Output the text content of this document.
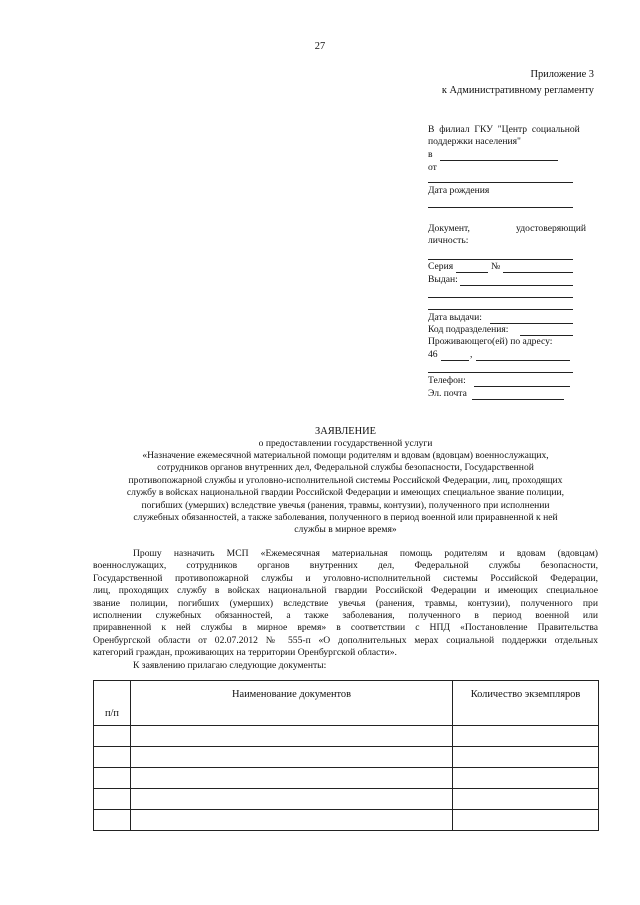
27
Приложение 3
к Административному регламенту
В  филиал  ГКУ  "Центр  социальной
поддержки населения"
в
от
Дата рождения
Документ,	удостоверяющий
личность:
Серия	№
Выдан:
Дата выдачи:
Код подразделения:
Проживающего(ей) по адресу:
46	,
Телефон:
Эл. почта
ЗАЯВЛЕНИЕ
о предоставлении государственной услуги
«Назначение ежемесячной материальной помощи родителям и вдовам (вдовцам) военнослужащих,
сотрудников органов внутренних дел, Федеральной службы безопасности, Государственной
противопожарной службы и уголовно-исполнительной системы Российской Федерации, лиц, проходящих
службу в войсках национальной гвардии Российской Федерации и имеющих специальное звание полиции,
погибших (умерших) вследствие увечья (ранения, травмы, контузии), полученного при исполнении
служебных обязанностей, а также заболевания, полученного в период военной или приравненной к ней
службы в мирное время»
Прошу назначить МСП «Ежемесячная материальная помощь родителям и вдовам (вдовцам)
военнослужащих, сотрудников органов внутренних дел, Федеральной службы безопасности,
Государственной противопожарной службы и уголовно-исполнительной системы Российской Федерации,
лиц, проходящих службу в войсках национальной гвардии Российской Федерации и имеющих специальное
звание полиции, погибших (умерших) вследствие увечья (ранения, травмы, контузии), полученного при
исполнении служебных обязанностей, а также заболевания, полученного в период военной или
приравненной к ней службы в мирное время» в соответствии с НПД «Постановление Правительства
Оренбургской области от 02.07.2012 № 555-п «О дополнительных мерах социальной поддержки отдельных
категорий граждан, проживающих на территории Оренбургской области».
К заявлению прилагаю следующие документы:
п/п	Наименование документов	Количество экземпляров
